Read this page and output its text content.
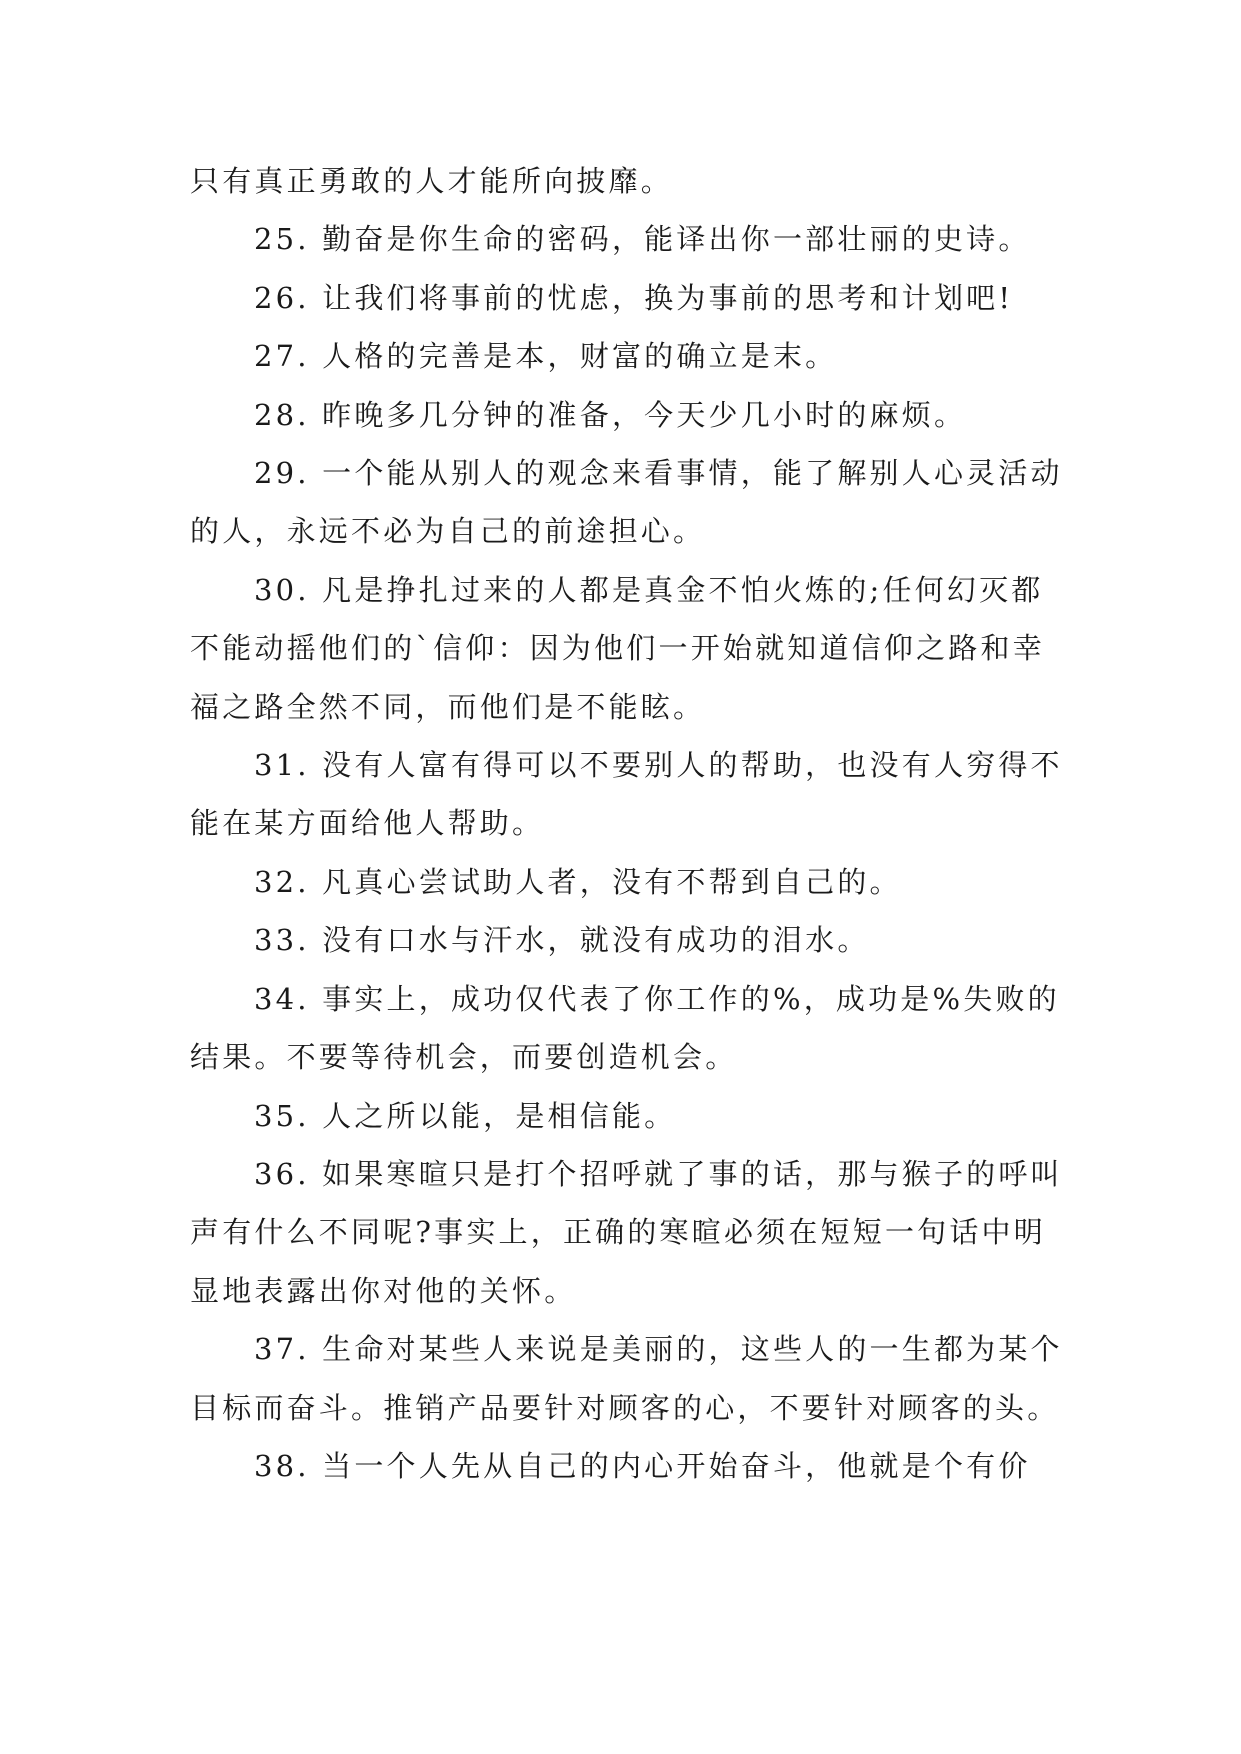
只有真正勇敢的人才能所向披靡。

25. 勤奋是你生命的密码，能译出你一部壮丽的史诗。

26. 让我们将事前的忧虑，换为事前的思考和计划吧!

27. 人格的完善是本，财富的确立是末。

28. 昨晚多几分钟的准备，今天少几小时的麻烦。

29. 一个能从别人的观念来看事情，能了解别人心灵活动的人，永远不必为自己的前途担心。

30. 凡是挣扎过来的人都是真金不怕火炼的;任何幻灭都不能动摇他们的`信仰：因为他们一开始就知道信仰之路和幸福之路全然不同，而他们是不能眩。

31. 没有人富有得可以不要别人的帮助，也没有人穷得不能在某方面给他人帮助。

32. 凡真心尝试助人者，没有不帮到自己的。

33. 没有口水与汗水，就没有成功的泪水。

34. 事实上，成功仅代表了你工作的%，成功是%失败的结果。不要等待机会，而要创造机会。

35. 人之所以能，是相信能。

36. 如果寒暄只是打个招呼就了事的话，那与猴子的呼叫声有什么不同呢?事实上，正确的寒暄必须在短短一句话中明显地表露出你对他的关怀。

37. 生命对某些人来说是美丽的，这些人的一生都为某个目标而奋斗。推销产品要针对顾客的心，不要针对顾客的头。

38. 当一个人先从自己的内心开始奋斗，他就是个有价
